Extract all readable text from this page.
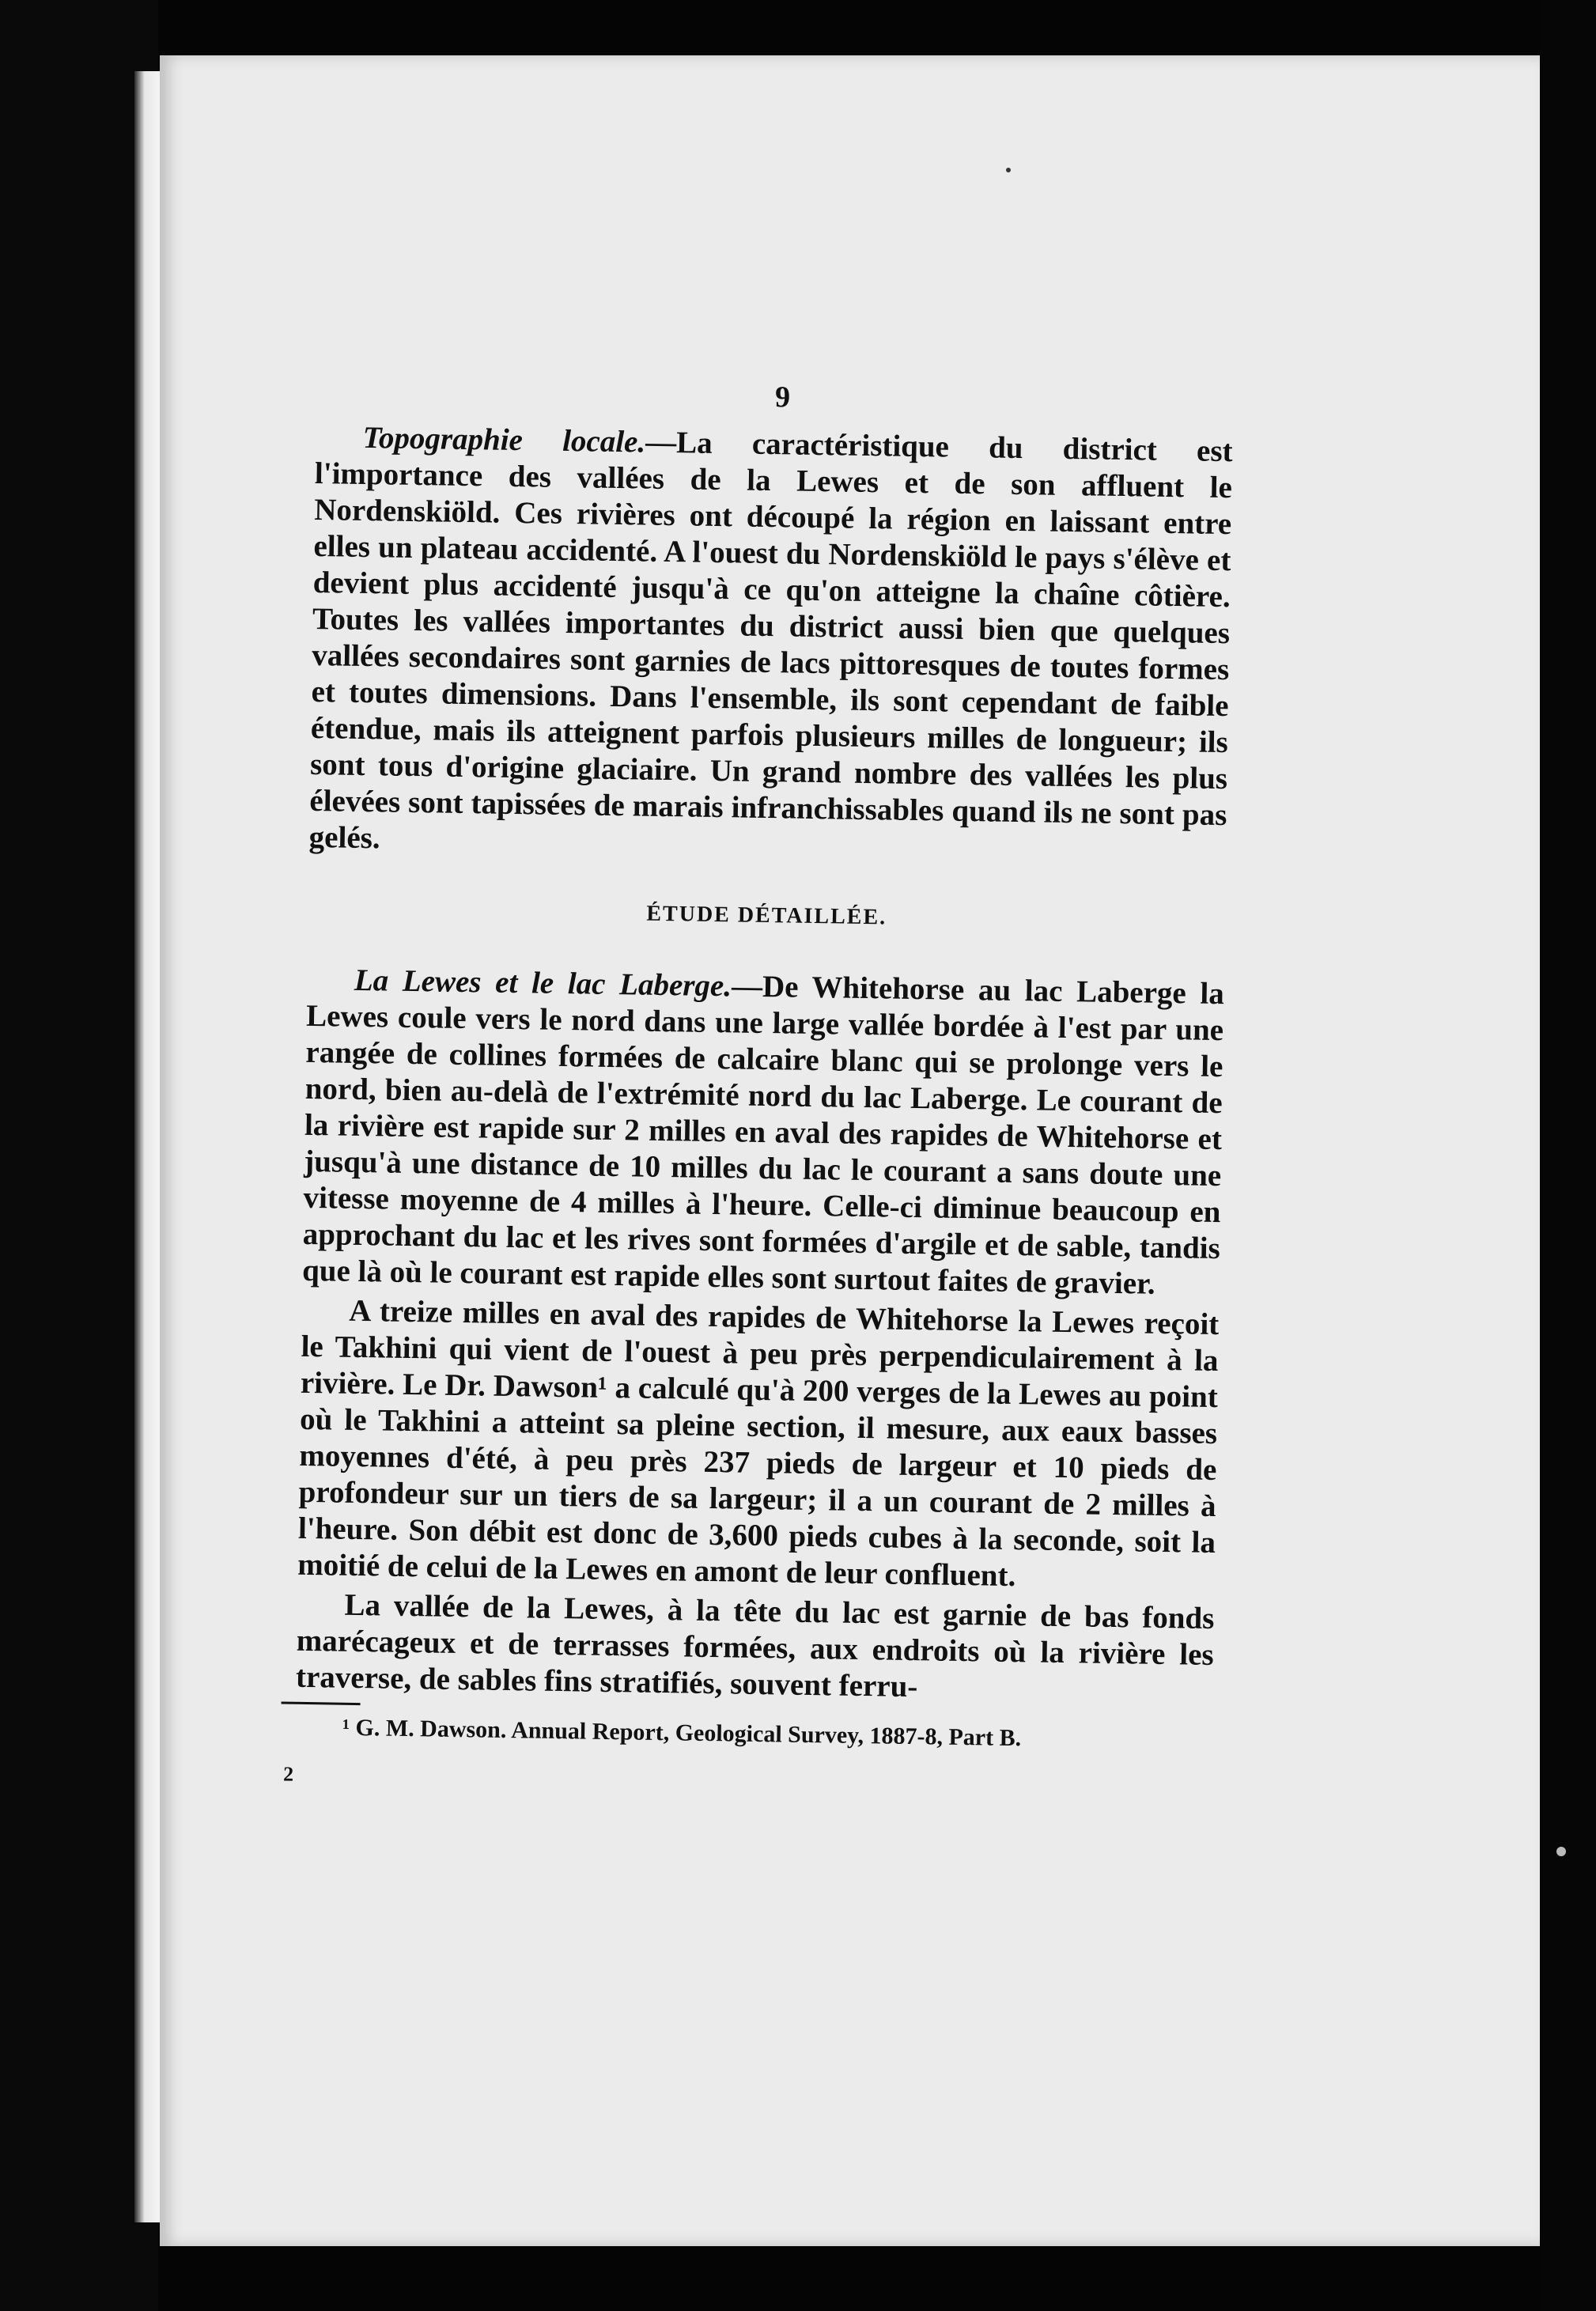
9

Topographie locale.—La caractéristique du district est l'importance des vallées de la Lewes et de son affluent le Nordenskiöld. Ces rivières ont découpé la région en laissant entre elles un plateau accidenté. A l'ouest du Nordenskiöld le pays s'élève et devient plus accidenté jusqu'à ce qu'on atteigne la chaîne côtière. Toutes les vallées importantes du district aussi bien que quelques vallées secondaires sont garnies de lacs pittoresques de toutes formes et toutes dimensions. Dans l'ensemble, ils sont cependant de faible étendue, mais ils atteignent parfois plusieurs milles de longueur; ils sont tous d'origine glaciaire. Un grand nombre des vallées les plus élevées sont tapissées de marais infranchissables quand ils ne sont pas gelés.

ÉTUDE DÉTAILLÉE.

La Lewes et le lac Laberge.—De Whitehorse au lac Laberge la Lewes coule vers le nord dans une large vallée bordée à l'est par une rangée de collines formées de calcaire blanc qui se prolonge vers le nord, bien au-delà de l'extrémité nord du lac Laberge. Le courant de la rivière est rapide sur 2 milles en aval des rapides de Whitehorse et jusqu'à une distance de 10 milles du lac le courant a sans doute une vitesse moyenne de 4 milles à l'heure. Celle-ci diminue beaucoup en approchant du lac et les rives sont formées d'argile et de sable, tandis que là où le courant est rapide elles sont surtout faites de gravier.

A treize milles en aval des rapides de Whitehorse la Lewes reçoit le Takhini qui vient de l'ouest à peu près perpendiculairement à la rivière. Le Dr. Dawson¹ a calculé qu'à 200 verges de la Lewes au point où le Takhini a atteint sa pleine section, il mesure, aux eaux basses moyennes d'été, à peu près 237 pieds de largeur et 10 pieds de profondeur sur un tiers de sa largeur; il a un courant de 2 milles à l'heure. Son débit est donc de 3,600 pieds cubes à la seconde, soit la moitié de celui de la Lewes en amont de leur confluent.

La vallée de la Lewes, à la tête du lac est garnie de bas fonds marécageux et de terrasses formées, aux endroits où la rivière les traverse, de sables fins stratifiés, souvent ferru-

¹ G. M. Dawson. Annual Report, Geological Survey, 1887-8, Part B.

2
